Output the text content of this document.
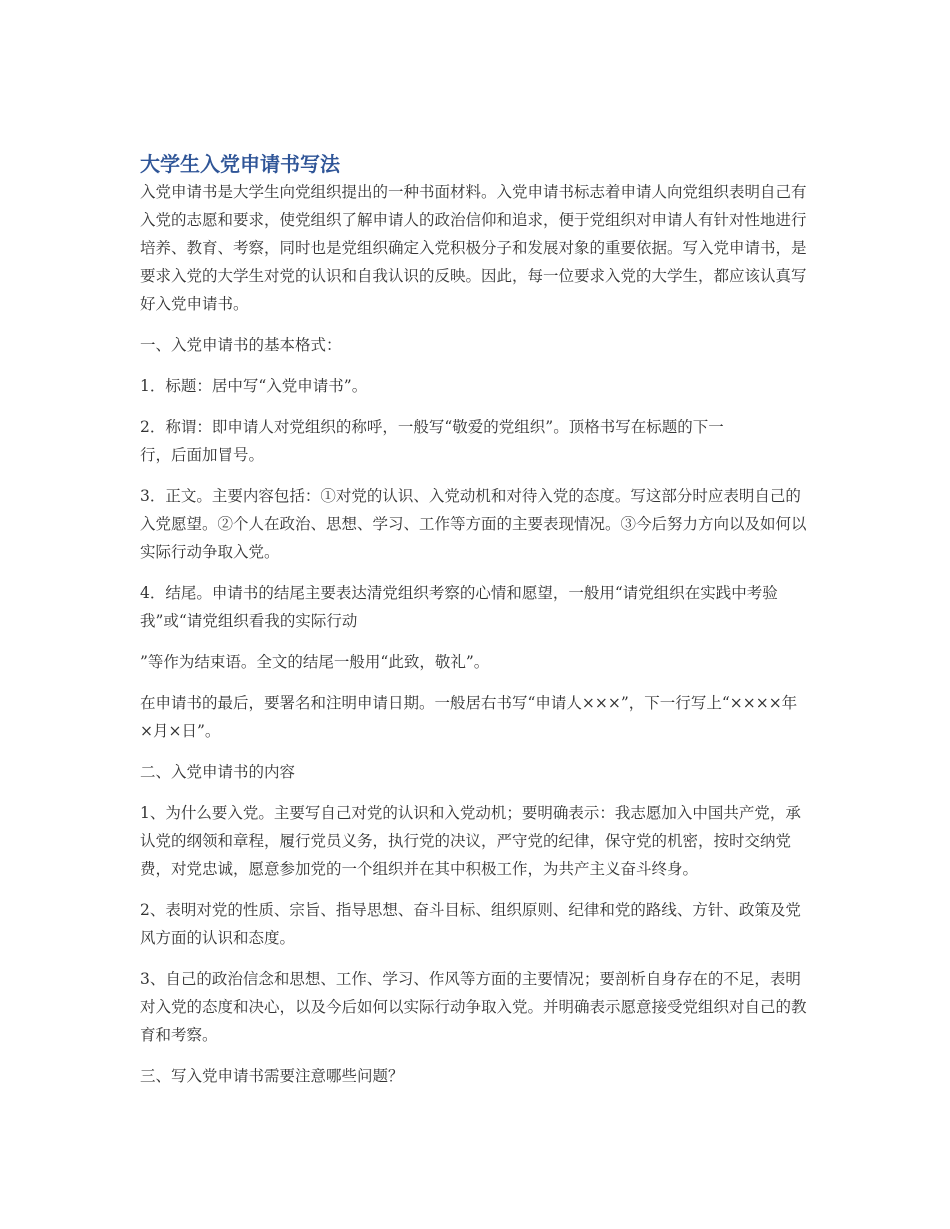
大学生入党申请书写法

入党申请书是大学生向党组织提出的一种书面材料。入党申请书标志着申请人向党组织表明自己有入党的志愿和要求，使党组织了解申请人的政治信仰和追求，便于党组织对申请人有针对性地进行培养、教育、考察，同时也是党组织确定入党积极分子和发展对象的重要依据。写入党申请书，是要求入党的大学生对党的认识和自我认识的反映。因此，每一位要求入党的大学生，都应该认真写好入党申请书。

一、入党申请书的基本格式：

1．标题：居中写“入党申请书”。

2．称谓：即申请人对党组织的称呼，一般写“敬爱的党组织”。顶格书写在标题的下一
行，后面加冒号。

3．正文。主要内容包括：①对党的认识、入党动机和对待入党的态度。写这部分时应表明自己的入党愿望。②个人在政治、思想、学习、工作等方面的主要表现情况。③今后努力方向以及如何以实际行动争取入党。

4．结尾。申请书的结尾主要表达清党组织考察的心情和愿望，一般用“请党组织在实践中考验我”或“请党组织看我的实际行动

”等作为结束语。全文的结尾一般用“此致，敬礼”。

在申请书的最后，要署名和注明申请日期。一般居右书写“申请人×××”，下一行写上“××××年×月×日”。

二、入党申请书的内容

1、为什么要入党。主要写自己对党的认识和入党动机；要明确表示：我志愿加入中国共产党，承认党的纲领和章程，履行党员义务，执行党的决议，严守党的纪律，保守党的机密，按时交纳党费，对党忠诚，愿意参加党的一个组织并在其中积极工作，为共产主义奋斗终身。

2、表明对党的性质、宗旨、指导思想、奋斗目标、组织原则、纪律和党的路线、方针、政策及党风方面的认识和态度。

3、自己的政治信念和思想、工作、学习、作风等方面的主要情况；要剖析自身存在的不足，表明对入党的态度和决心，以及今后如何以实际行动争取入党。并明确表示愿意接受党组织对自己的教育和考察。

三、写入党申请书需要注意哪些问题？
